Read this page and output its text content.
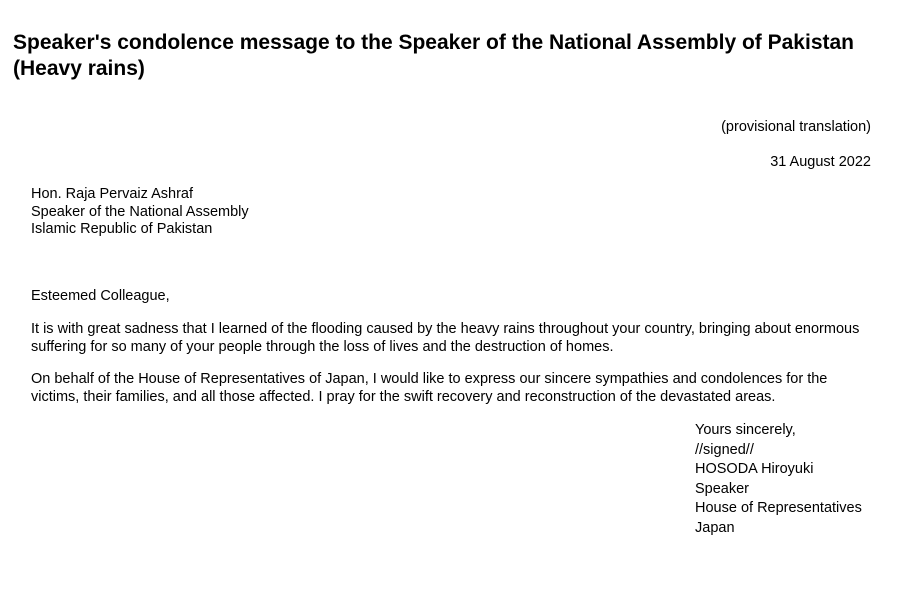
Speaker's condolence message to the Speaker of the National Assembly of Pakistan (Heavy rains)
(provisional translation)
31 August 2022
Hon. Raja Pervaiz Ashraf
Speaker of the National Assembly
Islamic Republic of Pakistan
Esteemed Colleague,

It is with great sadness that I learned of the flooding caused by the heavy rains throughout your country, bringing about enormous suffering for so many of your people through the loss of lives and the destruction of homes.

On behalf of the House of Representatives of Japan, I would like to express our sincere sympathies and condolences for the victims, their families, and all those affected. I pray for the swift recovery and reconstruction of the devastated areas.

Yours sincerely,
//signed//
HOSODA Hiroyuki
Speaker
House of Representatives
Japan
